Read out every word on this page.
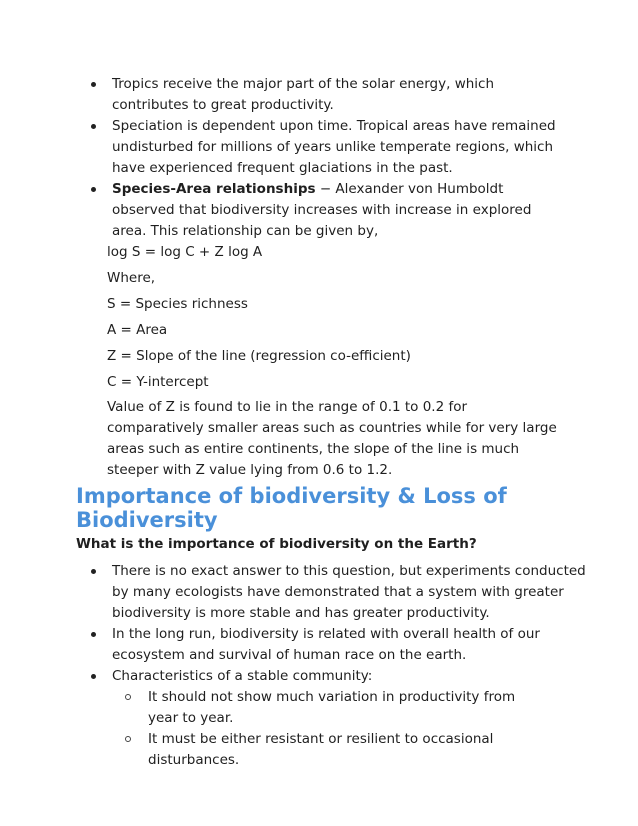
Tropics receive the major part of the solar energy, which contributes to great productivity.
Speciation is dependent upon time. Tropical areas have remained undisturbed for millions of years unlike temperate regions, which have experienced frequent glaciations in the past.
Species-Area relationships − Alexander von Humboldt observed that biodiversity increases with increase in explored area. This relationship can be given by,

log S = log C + Z log A

Where,

S = Species richness

A = Area

Z = Slope of the line (regression co-efficient)

C = Y-intercept

Value of Z is found to lie in the range of 0.1 to 0.2 for comparatively smaller areas such as countries while for very large areas such as entire continents, the slope of the line is much steeper with Z value lying from 0.6 to 1.2.

Importance of biodiversity & Loss of Biodiversity

What is the importance of biodiversity on the Earth?

There is no exact answer to this question, but experiments conducted by many ecologists have demonstrated that a system with greater biodiversity is more stable and has greater productivity.
In the long run, biodiversity is related with overall health of our ecosystem and survival of human race on the earth.
Characteristics of a stable community:
It should not show much variation in productivity from year to year.
It must be either resistant or resilient to occasional disturbances.
